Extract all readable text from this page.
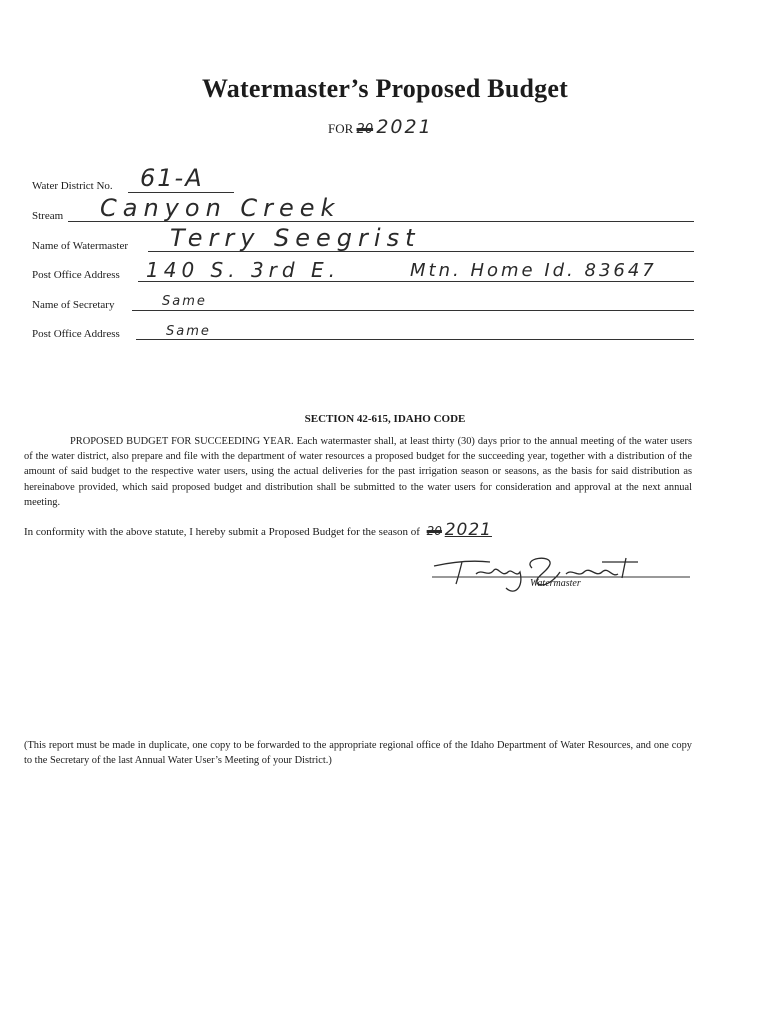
Watermaster’s Proposed Budget
FOR 20 2021
Water District No. 61-A
Stream Canyon Creek
Name of Watermaster Terry Seegrist
Post Office Address 140 S. 3rd E.	Mtn. Home Id. 83647
Name of Secretary	Same
Post Office Address	Same
SECTION 42-615, IDAHO CODE
PROPOSED BUDGET FOR SUCCEEDING YEAR. Each watermaster shall, at least thirty (30) days prior to the annual meeting of the water users of the water district, also prepare and file with the department of water resources a proposed budget for the succeeding year, together with a distribution of the amount of said budget to the respective water users, using the actual deliveries for the past irrigation season or seasons, as the basis for said distribution as hereinabove provided, which said proposed budget and distribution shall be submitted to the water users for consideration and approval at the next annual meeting.
In conformity with the above statute, I hereby submit a Proposed Budget for the season of 20 2021
Watermaster
(This report must be made in duplicate, one copy to be forwarded to the appropriate regional office of the Idaho Department of Water Resources, and one copy to the Secretary of the last Annual Water User’s Meeting of your District.)
